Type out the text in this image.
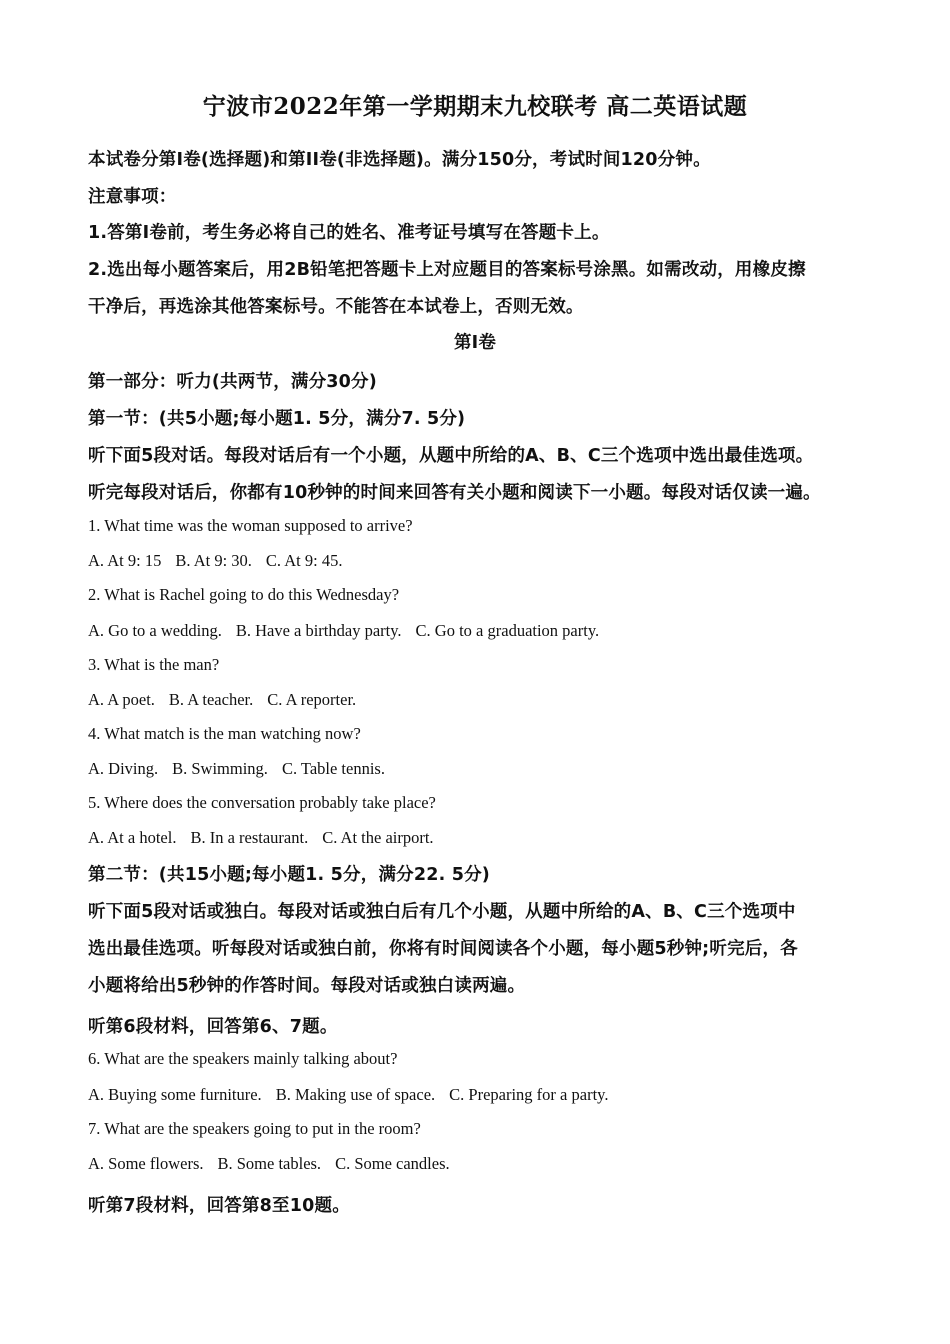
宁波市2022年第一学期期末九校联考 高二英语试题
本试卷分第I卷(选择题)和第II卷(非选择题)。满分150分，考试时间120分钟。
注意事项：
1.答第I卷前，考生务必将自己的姓名、准考证号填写在答题卡上。
2.选出每小题答案后，用2B铅笔把答题卡上对应题目的答案标号涂黑。如需改动，用橡皮擦
干净后，再选涂其他答案标号。不能答在本试卷上，否则无效。
第I卷
第一部分：听力(共两节，满分30分)
第一节：(共5小题;每小题1. 5分，满分7. 5分)
听下面5段对话。每段对话后有一个小题，从题中所给的A、B、C三个选项中选出最佳选项。
听完每段对话后，你都有10秒钟的时间来回答有关小题和阅读下一小题。每段对话仅读一遍。
1. What time was the woman supposed to arrive?
A. At 9: 15 B. At 9: 30. C. At 9: 45.
2. What is Rachel going to do this Wednesday?
A. Go to a wedding. B. Have a birthday party. C. Go to a graduation party.
3. What is the man?
A. A poet. B. A teacher. C. A reporter.
4. What match is the man watching now?
A. Diving. B. Swimming. C. Table tennis.
5. Where does the conversation probably take place?
A. At a hotel. B. In a restaurant. C. At the airport.
第二节：(共15小题;每小题1. 5分，满分22. 5分)
听下面5段对话或独白。每段对话或独白后有几个小题，从题中所给的A、B、C三个选项中
选出最佳选项。听每段对话或独白前，你将有时间阅读各个小题，每小题5秒钟;听完后，各
小题将给出5秒钟的作答时间。每段对话或独白读两遍。
听第6段材料，回答第6、7题。
6. What are the speakers mainly talking about?
A. Buying some furniture. B. Making use of space. C. Preparing for a party.
7. What are the speakers going to put in the room?
A. Some flowers. B. Some tables. C. Some candles.
听第7段材料，回答第8至10题。
